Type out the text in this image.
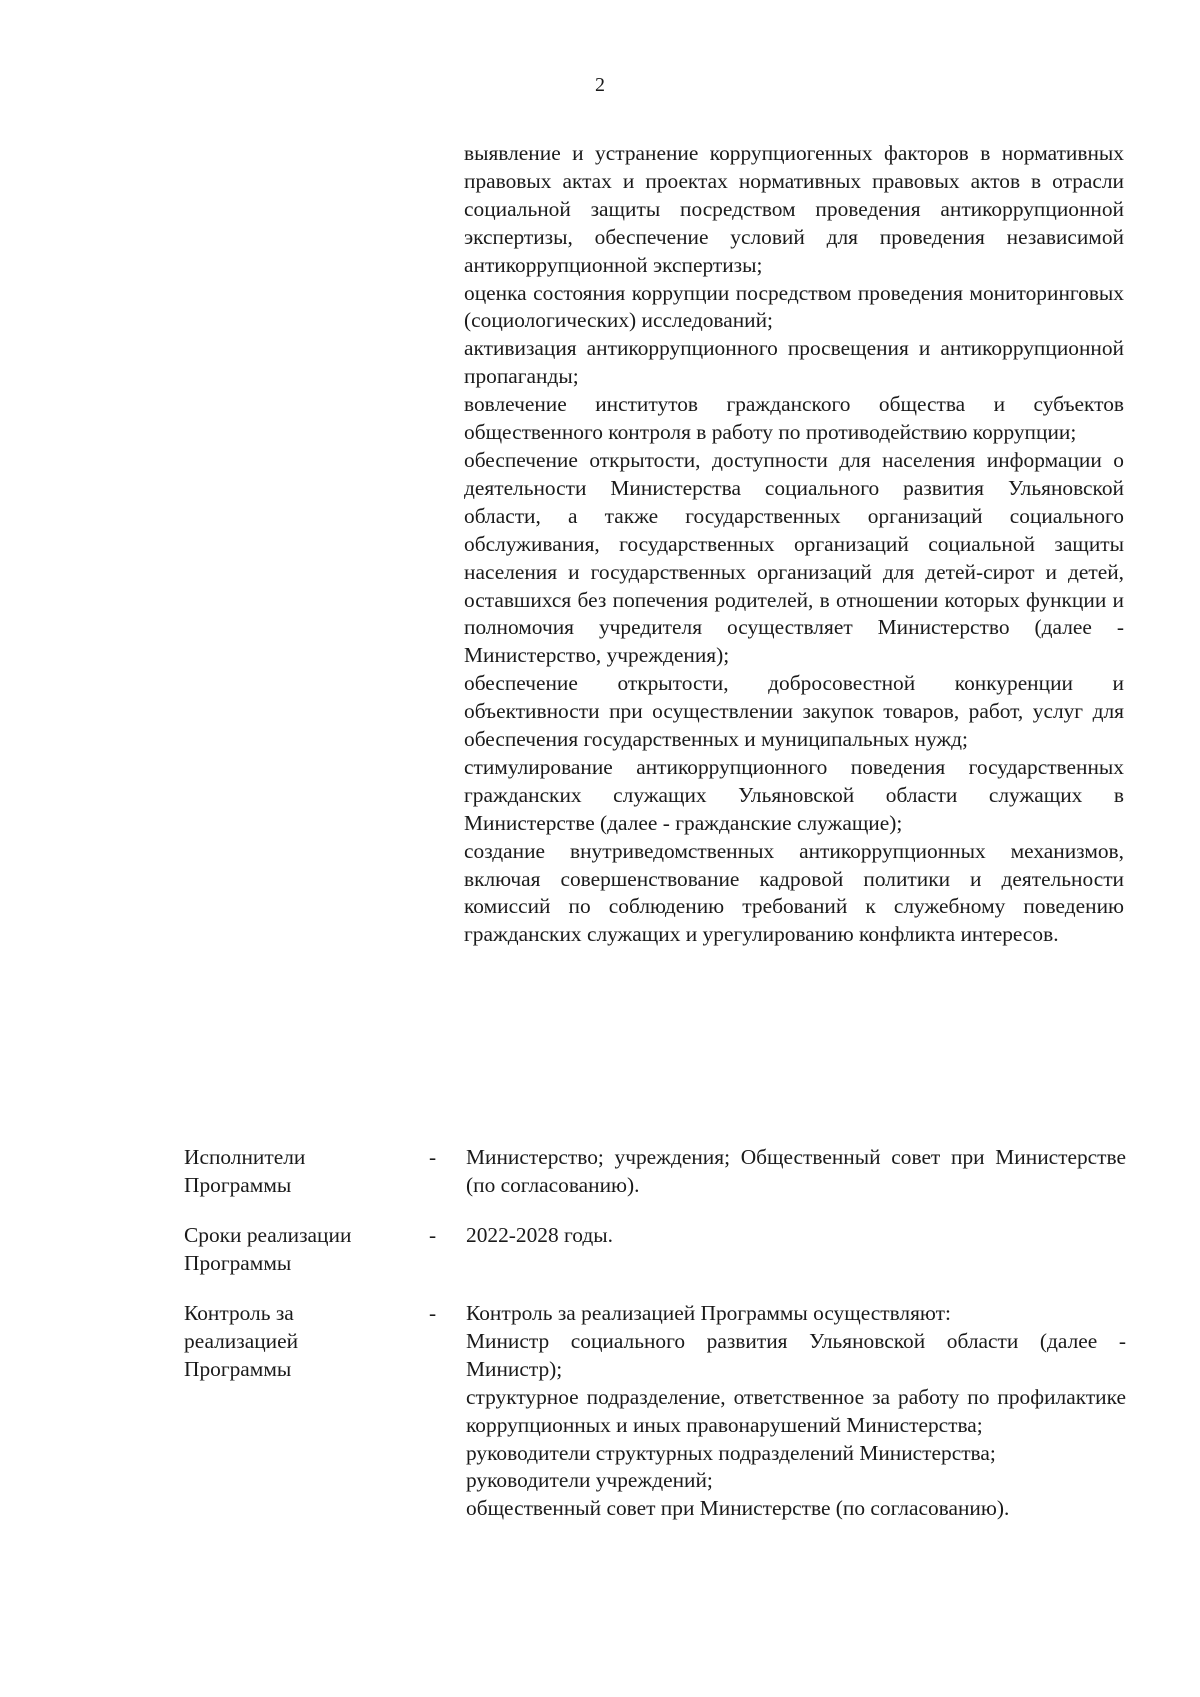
2

выявление и устранение коррупциогенных факторов в нормативных правовых актах и проектах нормативных правовых актов в отрасли социальной защиты посредством проведения антикоррупционной экспертизы, обеспечение условий для проведения независимой антикоррупционной экспертизы;

оценка состояния коррупции посредством проведения мониторинговых (социологических) исследований;

активизация антикоррупционного просвещения и антикоррупционной пропаганды;

вовлечение институтов гражданского общества и субъектов общественного контроля в работу по противодействию коррупции;

обеспечение открытости, доступности для населения информации о деятельности Министерства социального развития Ульяновской области, а также государственных организаций социального обслуживания, государственных организаций социальной защиты населения и государственных организаций для детей-сирот и детей, оставшихся без попечения родителей, в отношении которых функции и полномочия учредителя осуществляет Министерство (далее - Министерство, учреждения);

обеспечение открытости, добросовестной конкуренции и объективности при осуществлении закупок товаров, работ, услуг для обеспечения государственных и муниципальных нужд;

стимулирование антикоррупционного поведения государственных гражданских служащих Ульяновской области служащих в Министерстве (далее - гражданские служащие);

создание внутриведомственных антикоррупционных механизмов, включая совершенствование кадровой политики и деятельности комиссий по соблюдению требований к служебному поведению гражданских служащих и урегулированию конфликта интересов.

Исполнители
Программы
- Министерство; учреждения; Общественный совет при Министерстве (по согласованию).

Сроки реализации
Программы
- 2022-2028 годы.

Контроль за
реализацией
Программы
- Контроль за реализацией Программы осуществляют:

Министр социального развития Ульяновской области (далее - Министр);

структурное подразделение, ответственное за работу по профилактике коррупционных и иных правонарушений Министерства;

руководители структурных подразделений Министерства;

руководители учреждений;

общественный совет при Министерстве (по согласованию).
